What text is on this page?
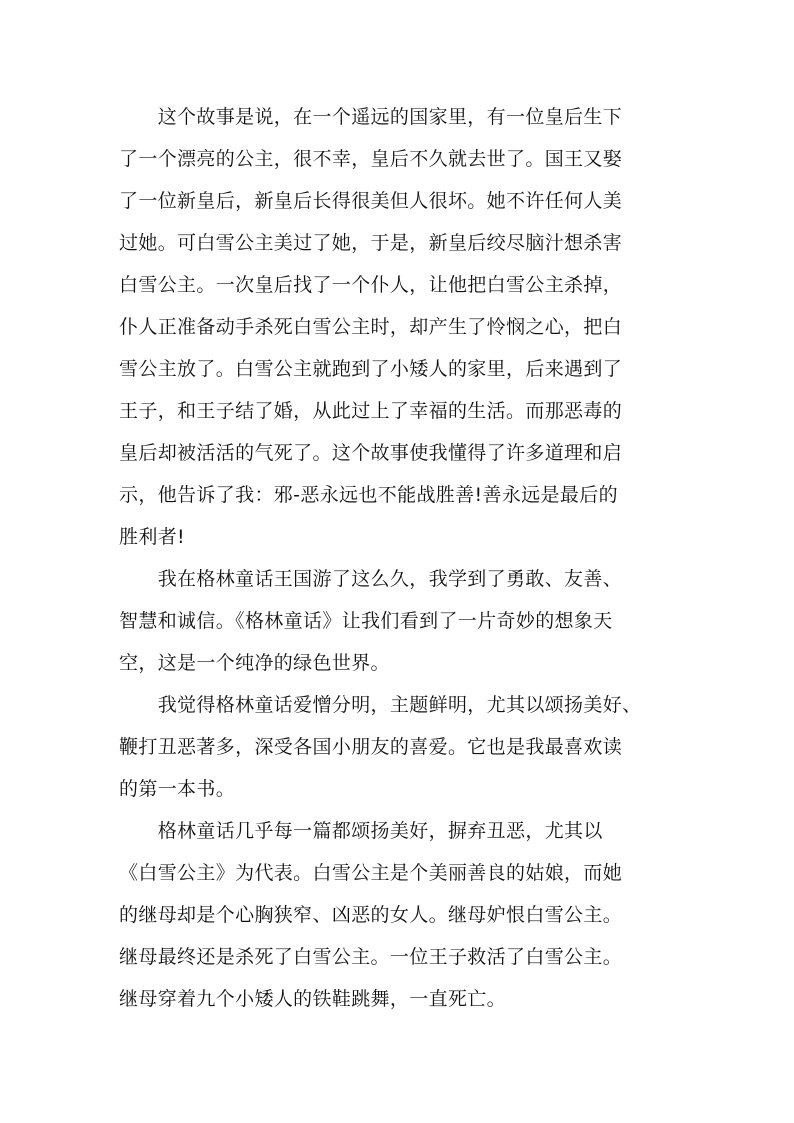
　　这个故事是说，在一个遥远的国家里，有一位皇后生下
了一个漂亮的公主，很不幸，皇后不久就去世了。国王又娶
了一位新皇后，新皇后长得很美但人很坏。她不许任何人美
过她。可白雪公主美过了她，于是，新皇后绞尽脑汁想杀害
白雪公主。一次皇后找了一个仆人，让他把白雪公主杀掉，
仆人正准备动手杀死白雪公主时，却产生了怜悯之心，把白
雪公主放了。白雪公主就跑到了小矮人的家里，后来遇到了
王子，和王子结了婚，从此过上了幸福的生活。而那恶毒的
皇后却被活活的气死了。这个故事使我懂得了许多道理和启
示，他告诉了我：邪-恶永远也不能战胜善!善永远是最后的
胜利者!
　　我在格林童话王国游了这么久，我学到了勇敢、友善、
智慧和诚信。《格林童话》让我们看到了一片奇妙的想象天
空，这是一个纯净的绿色世界。
　　我觉得格林童话爱憎分明，主题鲜明，尤其以颂扬美好、
鞭打丑恶著多，深受各国小朋友的喜爱。它也是我最喜欢读
的第一本书。
　　格林童话几乎每一篇都颂扬美好，摒弃丑恶，尤其以
《白雪公主》为代表。白雪公主是个美丽善良的姑娘，而她
的继母却是个心胸狭窄、凶恶的女人。继母妒恨白雪公主。
继母最终还是杀死了白雪公主。一位王子救活了白雪公主。
继母穿着九个小矮人的铁鞋跳舞，一直死亡。
